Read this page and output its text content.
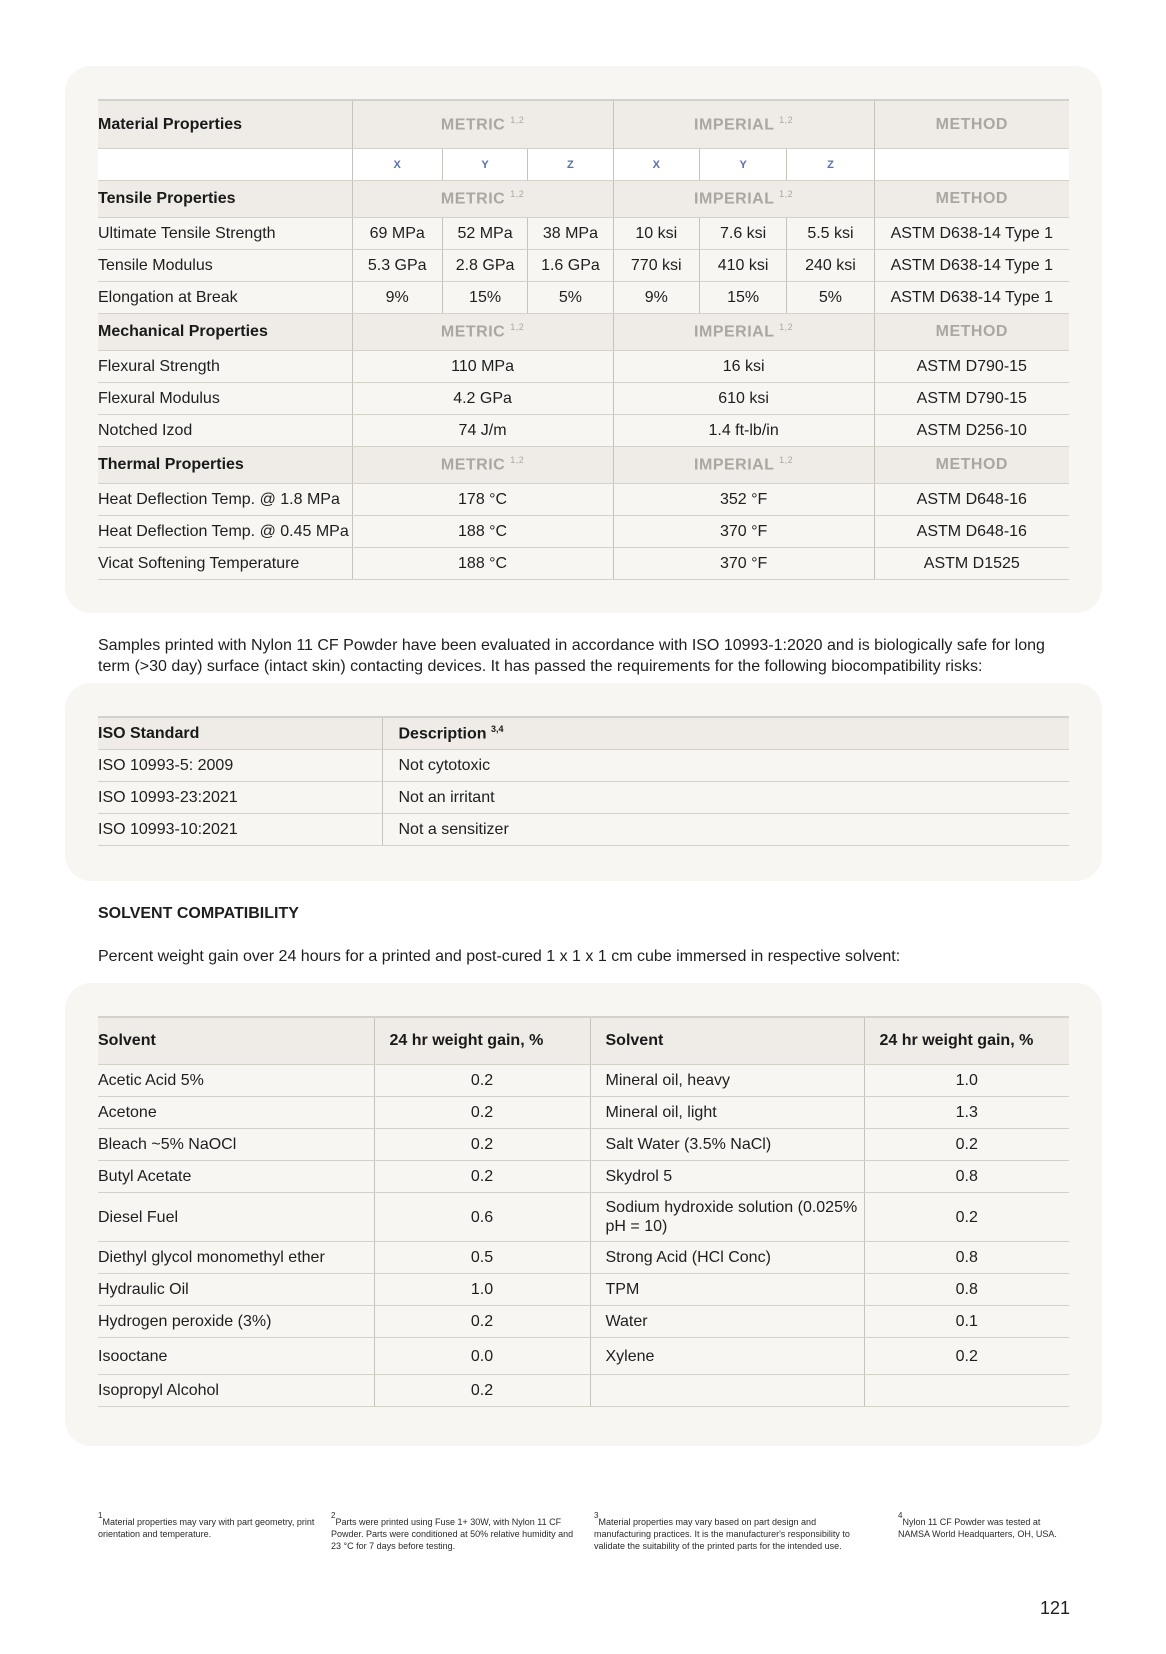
Material Properties	METRIC $^{1,2}$			IMPERIAL $^{1,2}$			METHOD
	X	Y	Z	X	Y	Z	
Tensile Properties	METRIC $^{1,2}$			IMPERIAL $^{1,2}$			METHOD
Ultimate Tensile Strength	69 MPa	52 MPa	38 MPa	10 ksi	7.6 ksi	5.5 ksi	ASTM D638-14 Type 1
Tensile Modulus	5.3 GPa	2.8 GPa	1.6 GPa	770 ksi	410 ksi	240 ksi	ASTM D638-14 Type 1
Elongation at Break	9%	15%	5%	9%	15%	5%	ASTM D638-14 Type 1
Mechanical Properties	METRIC $^{1,2}$			IMPERIAL $^{1,2}$			METHOD
Flexural Strength	110 MPa			16 ksi			ASTM D790-15
Flexural Modulus	4.2 GPa			610 ksi			ASTM D790-15
Notched Izod	74 J/m			1.4 ft-lb/in			ASTM D256-10
Thermal Properties	METRIC $^{1,2}$			IMPERIAL $^{1,2}$			METHOD
Heat Deflection Temp. @ 1.8 MPa	178 °C			352 °F			ASTM D648-16
Heat Deflection Temp. @ 0.45 MPa	188 °C			370 °F			ASTM D648-16
Vicat Softening Temperature	188 °C			370 °F			ASTM D1525

Samples printed with Nylon 11 CF Powder have been evaluated in accordance with ISO 10993-1:2020 and is biologically safe for long term (>30 day) surface (intact skin) contacting devices. It has passed the requirements for the following biocompatibility risks:

ISO Standard	Description $^{3,4}$
ISO 10993-5: 2009	Not cytotoxic
ISO 10993-23:2021	Not an irritant
ISO 10993-10:2021	Not a sensitizer

SOLVENT COMPATIBILITY

Percent weight gain over 24 hours for a printed and post-cured 1 x 1 x 1 cm cube immersed in respective solvent:

Solvent	24 hr weight gain, %	Solvent	24 hr weight gain, %
Acetic Acid 5%	0.2	Mineral oil, heavy	1.0
Acetone	0.2	Mineral oil, light	1.3
Bleach ~5% NaOCl	0.2	Salt Water (3.5% NaCl)	0.2
Butyl Acetate	0.2	Skydrol 5	0.8
Diesel Fuel	0.6	Sodium hydroxide solution (0.025% pH = 10)	0.2
Diethyl glycol monomethyl ether	0.5	Strong Acid (HCl Conc)	0.8
Hydraulic Oil	1.0	TPM	0.8
Hydrogen peroxide (3%)	0.2	Water	0.1
Isooctane	0.0	Xylene	0.2
Isopropyl Alcohol	0.2		
$^1$Material properties may vary with part geometry, print orientation and temperature.
$^2$Parts were printed using Fuse 1+ 30W, with Nylon 11 CF Powder. Parts were conditioned at 50% relative humidity and 23 °C for 7 days before testing.
$^3$Material properties may vary based on part design and manufacturing practices. It is the manufacturer's responsibility to validate the suitability of the printed parts for the intended use.
$^4$Nylon 11 CF Powder was tested at NAMSA World Headquarters, OH, USA.
121
